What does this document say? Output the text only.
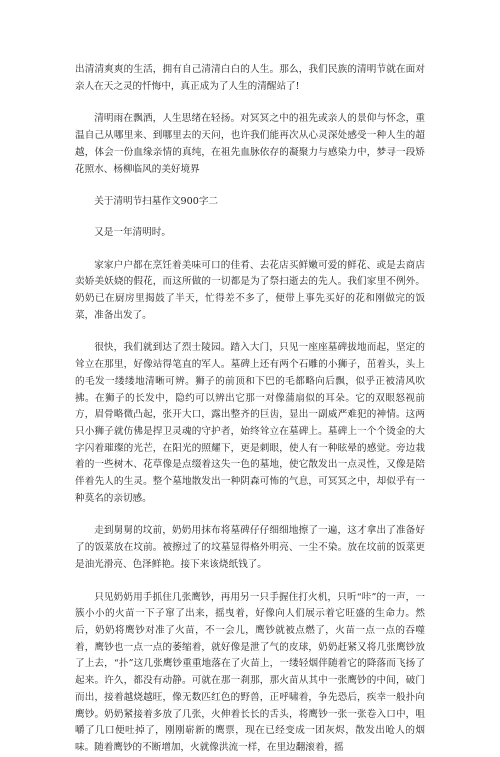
出清清爽爽的生活，拥有自己清清白白的人生。那么，我们民族的清明节就在面对亲人在天之灵的忏悔中，真正成为了人生的清醒站了!

清明雨在飘洒，人生思绪在轻扬。对冥冥之中的祖先或亲人的景仰与怀念，重温自己从哪里来、到哪里去的天问，也许我们能再次从心灵深处感受一种人生的超越，体会一份血缘亲情的真纯，在祖先血脉依存的凝聚力与感染力中，梦寻一段矫花照水、杨柳临风的美好境界

关于清明节扫墓作文900字二

又是一年清明时。

家家户户都在烹饪着美味可口的佳肴、去花店买鲜嫩可爱的鲜花、或是去商店卖娇美妖娆的假花，而这所做的一切都是为了祭扫逝去的先人。我们家里不例外。奶奶已在厨房里揭鼓了半天，忙得差不多了，便带上事先买好的花和刚做完的饭菜，准备出发了。

很快，我们就到达了烈士陵园。踏入大门，只见一座座墓碑拔地而起，坚定的耸立在那里，好像站得笔直的军人。墓碑上还有两个石雕的小狮子，茁着头，头上的毛发一缕缕地清晰可辨。狮子的前顶和下巴的毛都略向后飘，似乎正被清风吹拂。在狮子的长发中，隐约可以辨出它那一对像蒲扇似的耳朵。它的双眼怒视前方，眉骨略微凸起，张开大口，露出整齐的巨齿，显出一副威严难犯的神情。这两只小狮子就仿佛是捍卫灵魂的守护者，始终耸立在墓碑上。墓碑上一个个烫金的大字闪着璀璨的光芒，在阳光的照耀下，更是刺眼，使人有一种眩晕的感觉。旁边栽着的一些树木、花草像是点缀着这失一色的墓地，使它散发出一点灵性，又像是陪伴着先人的生灵。整个墓地散发出一种阴森可怖的气息，可冥冥之中，却似乎有一种莫名的亲切感。

走到舅舅的坟前，奶奶用抹布将墓碑仔仔细细地擦了一遍，这才拿出了准备好了的饭菜放在坟前。被擦过了的坟墓显得格外明亮、一尘不染。放在坟前的饭菜更是油光滑亮、色泽鲜艳。接下来该烧纸钱了。

只见奶奶用手抓住几张鹰钞，再用另一只手握住打火机，只听“咔”的一声，一簇小小的火苗一下子窜了出来，摇曳着，好像向人们展示着它旺盛的生命力。然后，奶奶将鹰钞对准了火苗，不一会儿，鹰钞就被点燃了，火苗一点一点的吞噬着，鹰钞也一点一点的萎缩着，就好像是泄了气的皮球，奶奶赶紧又将几张鹰钞放了上去，“扑”这几张鹰钞重重地落在了火苗上，一缕轻烟伴随着它的降落而飞扬了起来。许久，都没有动静。可就在那一刹那，那火苗从其中一张鹰钞的中间，破门而出，接着越烧越旺，像无数匹红色的野兽，正呼啸着，争先恐后，疾幸一般扑向鹰钞。奶奶紧接着多放了几张，火伸着长长的舌头，将鹰钞一张一张卷入口中，咀嚼了几口便吐掉了，刚刚崭新的鹰票，现在已经变成一团灰烬，散发出呛人的烟味。随着鹰钞的不断增加，火就像洪流一样，在里边翻滚着，摇
